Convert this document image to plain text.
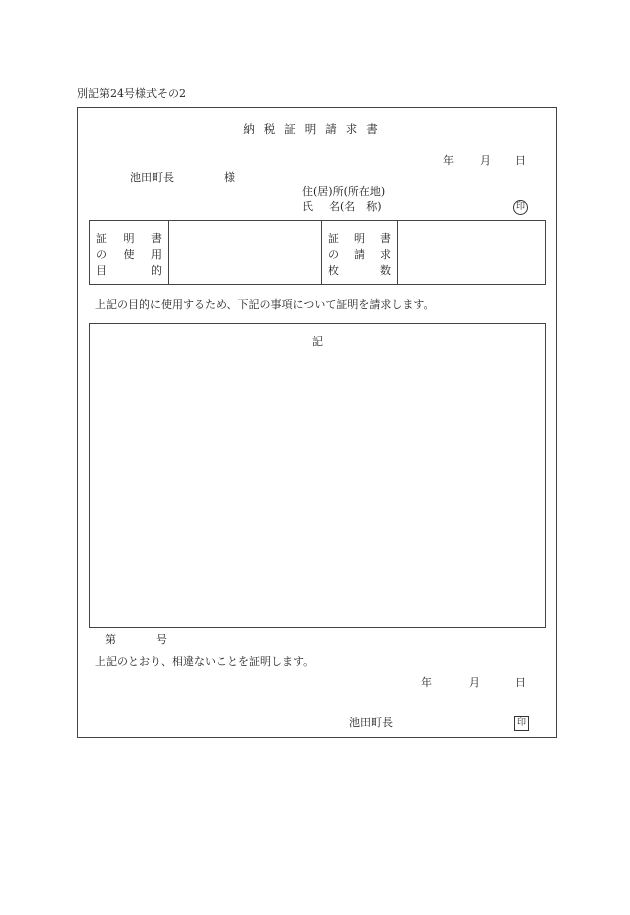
別記第24号様式その2
納税証明請求書
年 月 日
池田町長	様
住(居)所(所在地)
氏 名(名　称)	印
証 明 書
の 使 用
目	的

証 明 書
の 請 求
枚	数

上記の目的に使用するため、下記の事項について証明を請求します。
記
第	号
上記のとおり、相違ないことを証明します。
年	月	日
池田町長	印
